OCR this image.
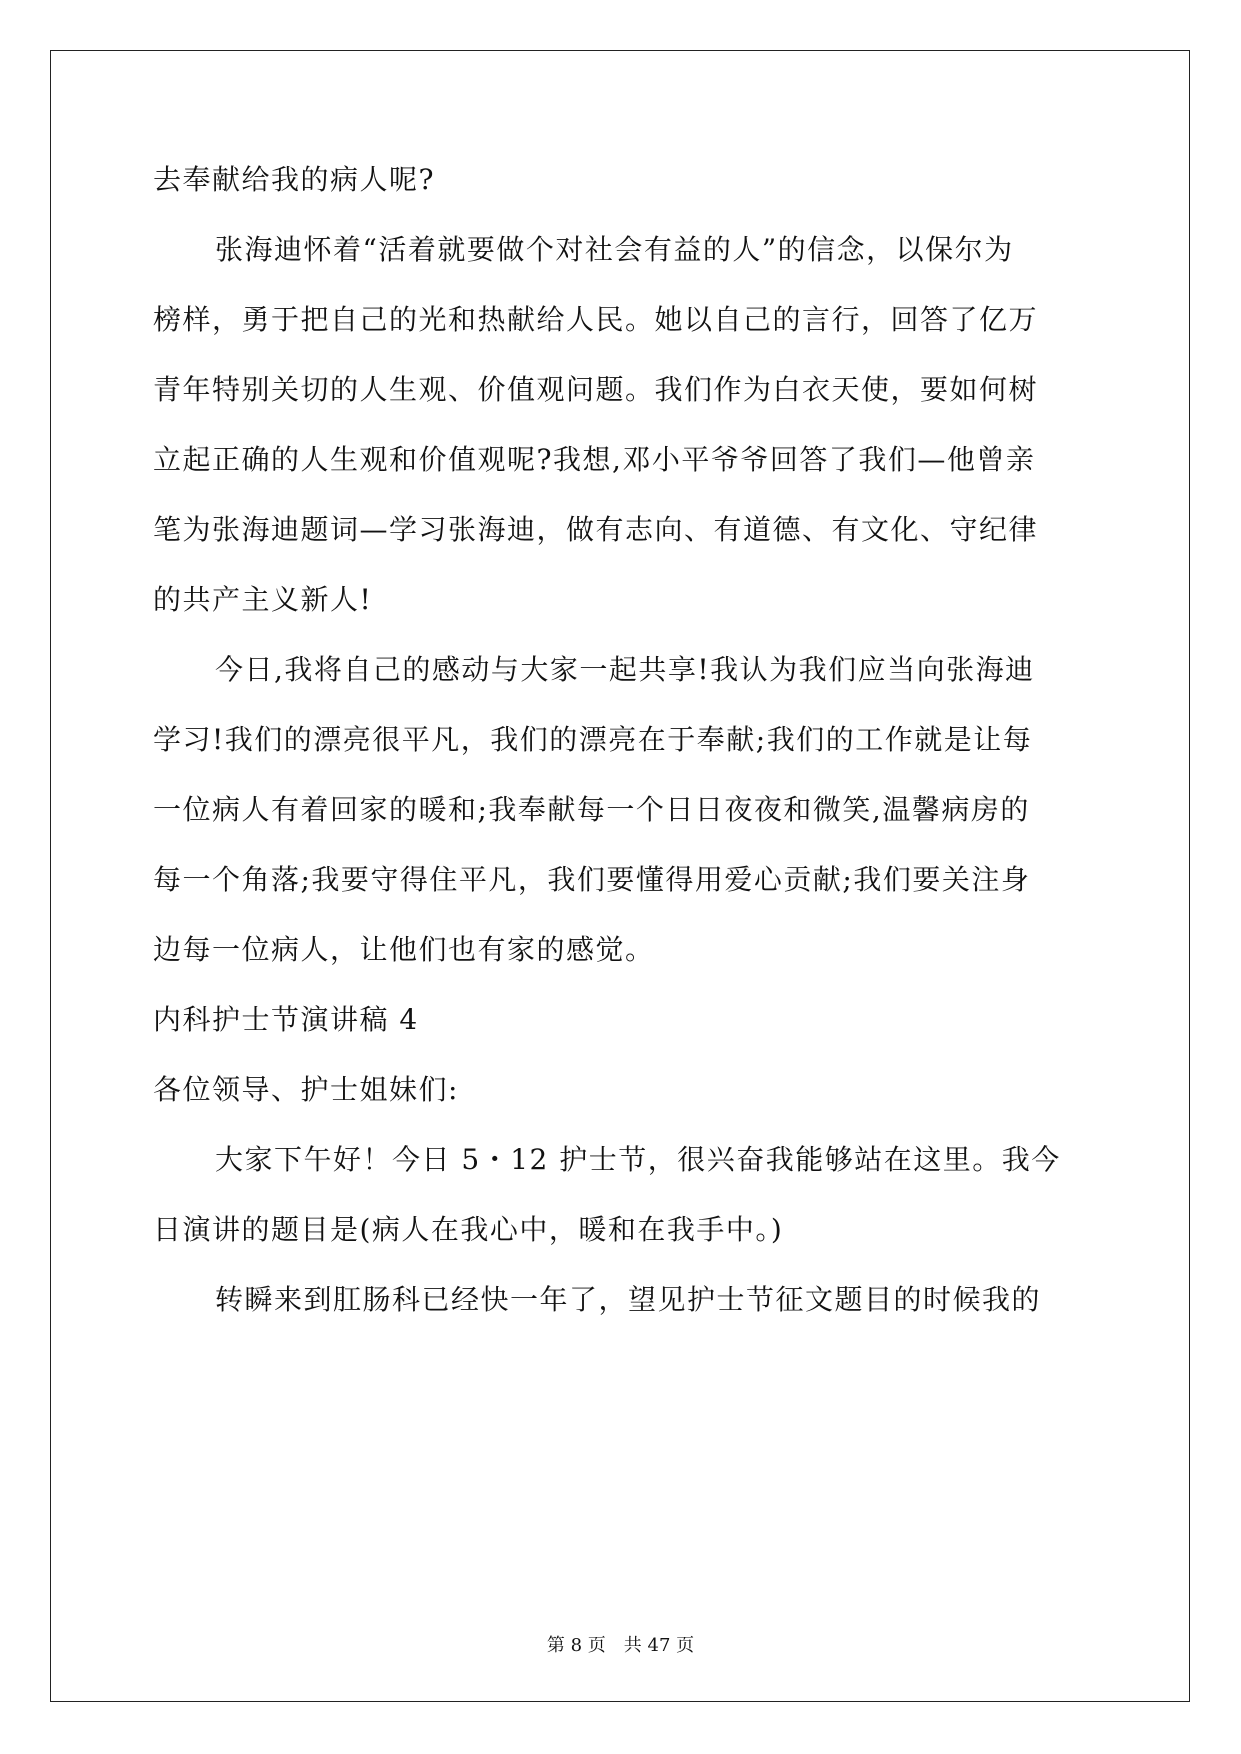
去奉献给我的病人呢?
张海迪怀着“活着就要做个对社会有益的人”的信念，以保尔为
榜样，勇于把自己的光和热献给人民。她以自己的言行，回答了亿万
青年特别关切的人生观、价值观问题。我们作为白衣天使，要如何树
立起正确的人生观和价值观呢?我想,邓小平爷爷回答了我们—他曾亲
笔为张海迪题词—学习张海迪，做有志向、有道德、有文化、守纪律
的共产主义新人!
今日,我将自己的感动与大家一起共享!我认为我们应当向张海迪
学习!我们的漂亮很平凡，我们的漂亮在于奉献;我们的工作就是让每
一位病人有着回家的暖和;我奉献每一个日日夜夜和微笑,温馨病房的
每一个角落;我要守得住平凡，我们要懂得用爱心贡献;我们要关注身
边每一位病人，让他们也有家的感觉。
内科护士节演讲稿 4
各位领导、护士姐妹们:
大家下午好！今日 5・12 护士节，很兴奋我能够站在这里。我今
日演讲的题目是(病人在我心中，暖和在我手中。)
转瞬来到肛肠科已经快一年了，望见护士节征文题目的时候我的
第 8 页 共 47 页
